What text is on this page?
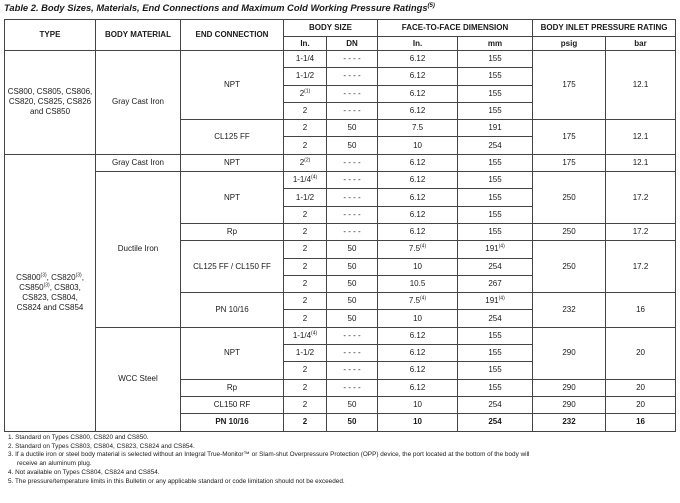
Table 2. Body Sizes, Materials, End Connections and Maximum Cold Working Pressure Ratings$^{(5)}$
TYPE	BODY MATERIAL	END CONNECTION	BODY SIZE		FACE-TO-FACE DIMENSION		BODY INLET PRESSURE RATING	
			In.	DN	In.	mm	psig	bar
CS800, CS805, CS806, CS820, CS825, CS826 and CS850	Gray Cast Iron	NPT	1-1/4	- - - -	6.12	155	175	12.1
			1-1/2	- - - -	6.12	155		
			2$^{(1)}$	- - - -	6.12	155		
			2	- - - -	6.12	155		
		CL125 FF	2	50	7.5	191	175	12.1
			2	50	10	254		
CS800$^{(3)}$, CS820$^{(3)}$,
CS850$^{(3)}$, CS803,
CS823, CS804,
CS824 and CS854	Gray Cast Iron	NPT	2$^{(2)}$	- - - -	6.12	155	175	12.1
	Ductile Iron	NPT	1-1/4$^{(4)}$	- - - -	6.12	155	250	17.2
			1-1/2	- - - -	6.12	155		
			2	- - - -	6.12	155		
		Rp	2	- - - -	6.12	155	250	17.2
		CL125 FF / CL150 FF	2	50	7.5$^{(4)}$	191$^{(4)}$	250	17.2
			2	50	10	254		
			2	50	10.5	267		
		PN 10/16	2	50	7.5$^{(4)}$	191$^{(4)}$	232	16
			2	50	10	254		
	WCC Steel	NPT	1-1/4$^{(4)}$	- - - -	6.12	155	290	20
			1-1/2	- - - -	6.12	155		
			2	- - - -	6.12	155		
		Rp	2	- - - -	6.12	155	290	20
		CL150 RF	2	50	10	254	290	20
		PN 10/16	2	50	10	254	232	16
1. Standard on Types CS800, CS820 and CS850.
2. Standard on Types CS803, CS804, CS823, CS824 and CS854.
3. If a ductile iron or steel body material is selected without an Integral True-Monitor™ or Slam-shut Overpressure Protection (OPP) device, the port located at the bottom of the body will
receive an aluminum plug.
4. Not available on Types CS804, CS824 and CS854.
5. The pressure/temperature limits in this Bulletin or any applicable standard or code limitation should not be exceeded.
